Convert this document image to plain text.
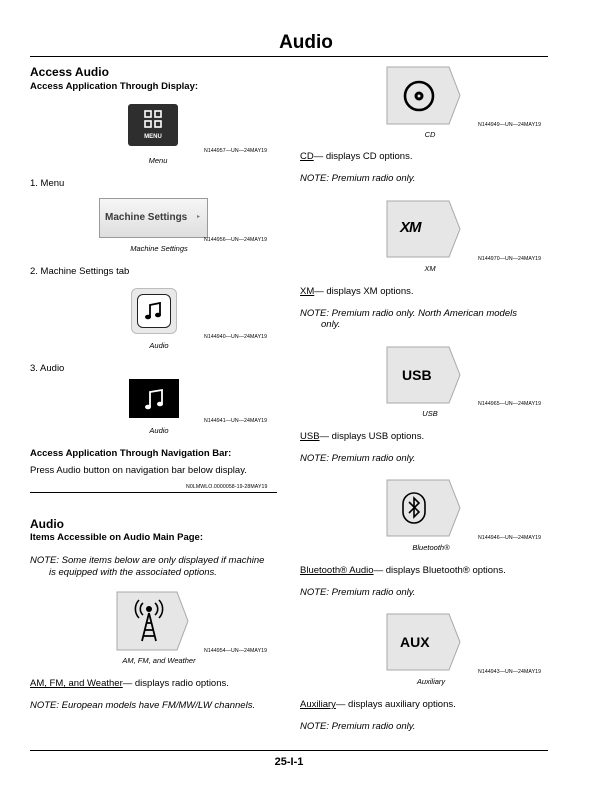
Audio
Access Audio
Access Application Through Display:
MENU
N144957—UN—24MAY19
Menu
1. Menu
Machine Settings ▸
N144956—UN—24MAY19
Machine Settings
2. Machine Settings tab
N144940—UN—24MAY19
Audio
3. Audio
N144941—UN—24MAY19
Audio
Access Application Through Navigation Bar:
Press Audio button on navigation bar below display.
N0LMWLO.0000058-19-28MAY19
Audio
Items Accessible on Audio Main Page:
NOTE: Some items below are only displayed if machine
is equipped with the associated options.
N144954—UN—24MAY19
AM, FM, and Weather
AM, FM, and Weather— displays radio options.
NOTE: European models have FM/MW/LW channels.
N144949—UN—24MAY19
CD
CD— displays CD options.
NOTE: Premium radio only.
XM
N144970—UN—24MAY19
XM
XM— displays XM options.
NOTE: Premium radio only. North American models
only.
USB
N144965—UN—24MAY19
USB
USB— displays USB options.
NOTE: Premium radio only.
N144946—UN—24MAY19
Bluetooth®
Bluetooth® Audio— displays Bluetooth® options.
NOTE: Premium radio only.
AUX
N144943—UN—24MAY19
Auxiliary
Auxiliary— displays auxiliary options.
NOTE: Premium radio only.
25-I-1
